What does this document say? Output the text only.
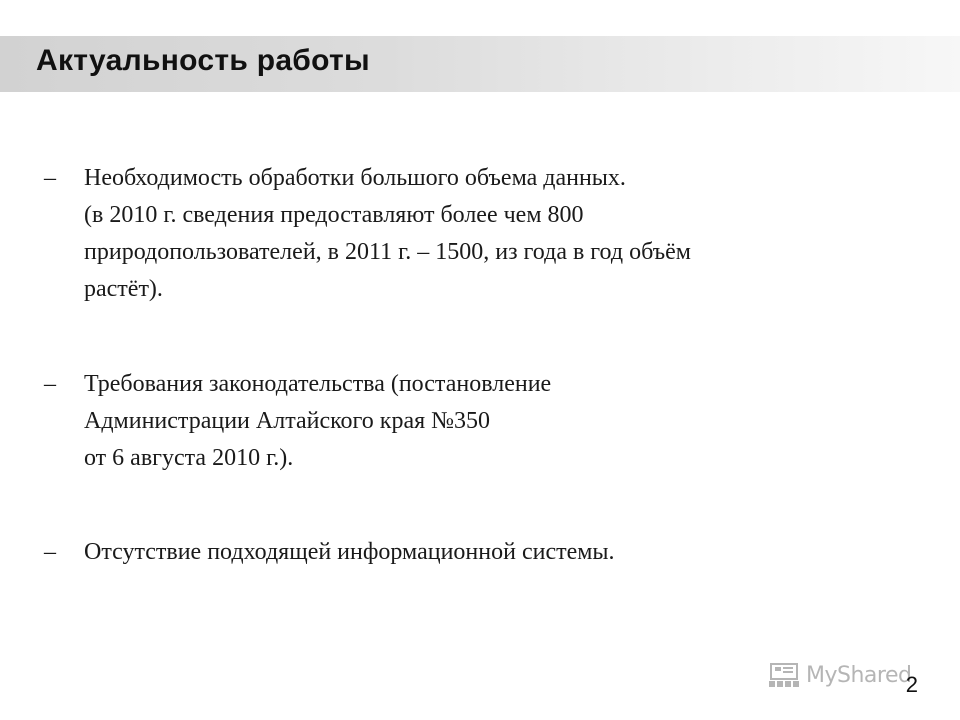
Актуальность работы
–	Необходимость обработки большого объема данных.
(в 2010 г. сведения предоставляют более чем 800
природопользователей, в 2011 г. – 1500, из года в год объём
растёт).
–	Требования законодательства (постановление
Администрации Алтайского края №350
от 6 августа 2010 г.).
–	Отсутствие подходящей информационной системы.
MyShared
2
